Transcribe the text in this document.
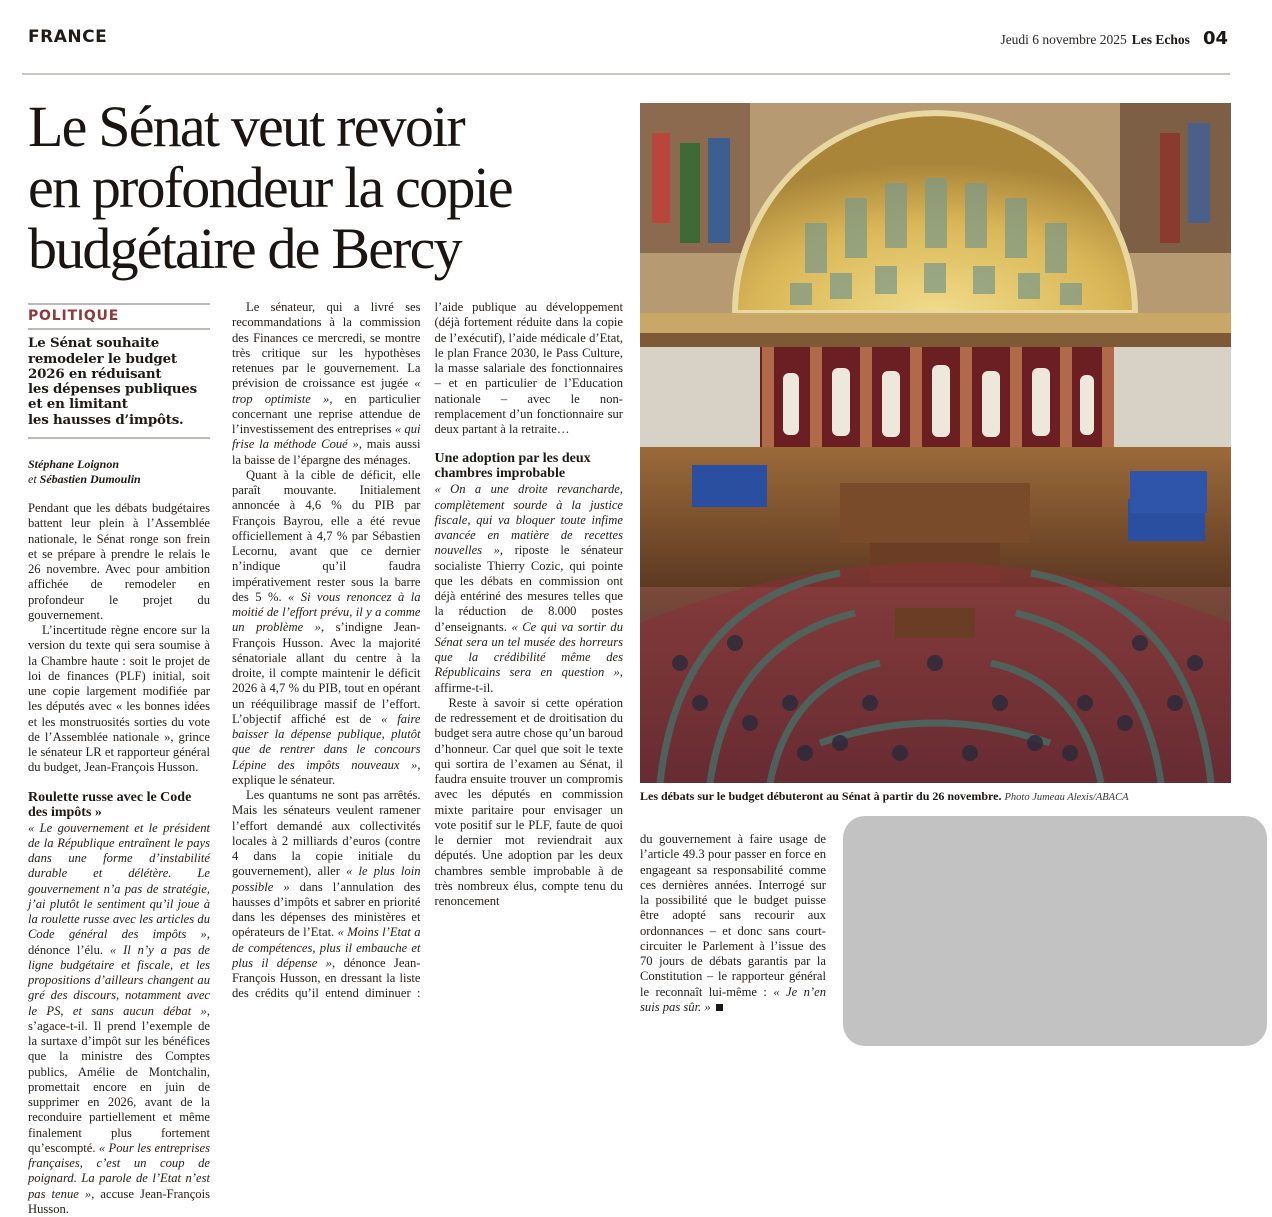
FRANCE	Jeudi 6 novembre 2025 Les Echos 04
Le Sénat veut revoir
en profondeur la copie
budgétaire de Bercy
POLITIQUE
Le Sénat souhaite
remodeler le budget
2026 en réduisant
les dépenses publiques
et en limitant
les hausses d’impôts.
Stéphane Loignon
et Sébastien Dumoulin

Pendant que les débats budgétaires battent leur plein à l’Assemblée nationale, le Sénat ronge son frein et se prépare à prendre le relais le 26 novembre. Avec pour ambition affichée de remodeler en profondeur le projet du gouvernement.

L’incertitude règne encore sur la version du texte qui sera soumise à la Chambre haute : soit le projet de loi de finances (PLF) initial, soit une copie largement modifiée par les députés avec « les bonnes idées et les monstruosités sorties du vote de l’Assemblée nationale », grince le sénateur LR et rapporteur général du budget, Jean-François Husson.

Roulette russe avec le Code des impôts »

« Le gouvernement et le président de la République entraînent le pays dans une forme d’instabilité durable et délétère. Le gouvernement n’a pas de stratégie, j’ai plutôt le sentiment qu’il joue à la roulette russe avec les articles du Code général des impôts », dénonce l’élu. « Il n’y a pas de ligne budgétaire et fiscale, et les propositions d’ailleurs changent au gré des discours, notamment avec le PS, et sans aucun débat », s’agace-t-il. Il prend l’exemple de la surtaxe d’impôt sur les bénéfices que la ministre des Comptes publics, Amélie de Montchalin, promettait encore en juin de supprimer en 2026, avant de la reconduire partiellement et même finalement plus fortement qu’escompté. « Pour les entreprises françaises, c’est un coup de poignard. La parole de l’Etat n’est pas tenue », accuse Jean-François Husson.

Le sénateur, qui a livré ses recommandations à la commission des Finances ce mercredi, se montre très critique sur les hypothèses retenues par le gouvernement. La prévision de croissance est jugée « trop optimiste », en particulier concernant une reprise attendue de l’investissement des entreprises « qui frise la méthode Coué », mais aussi la baisse de l’épargne des ménages.

Quant à la cible de déficit, elle paraît mouvante. Initialement annoncée à 4,6 % du PIB par François Bayrou, elle a été revue officiellement à 4,7 % par Sébastien Lecornu, avant que ce dernier n’indique qu’il faudra impérativement rester sous la barre des 5 %. « Si vous renoncez à la moitié de l’effort prévu, il y a comme un problème », s’indigne Jean-François Husson. Avec la majorité sénatoriale allant du centre à la droite, il compte maintenir le déficit 2026 à 4,7 % du PIB, tout en opérant un rééquilibrage massif de l’effort. L’objectif affiché est de « faire baisser la dépense publique, plutôt que de rentrer dans le concours Lépine des impôts nouveaux », explique le sénateur.

Les quantums ne sont pas arrêtés. Mais les sénateurs veulent ramener l’effort demandé aux collectivités locales à 2 milliards d’euros (contre 4 dans la copie initiale du gouvernement), aller « le plus loin possible » dans l’annulation des hausses d’impôts et sabrer en priorité dans les dépenses des ministères et opérateurs de l’Etat. « Moins l’Etat a de compétences, plus il embauche et plus il dépense », dénonce Jean-François Husson, en dressant la liste des crédits qu’il entend diminuer : l’aide publique au développement (déjà fortement réduite dans la copie de l’exécutif), l’aide médicale d’Etat, le plan France 2030, le Pass Culture, la masse salariale des fonctionnaires – et en particulier de l’Education nationale – avec le non-remplacement d’un fonctionnaire sur deux partant à la retraite…

Une adoption par les deux chambres improbable

« On a une droite revancharde, complètement sourde à la justice fiscale, qui va bloquer toute infime avancée en matière de recettes nouvelles », riposte le sénateur socialiste Thierry Cozic, qui pointe que les débats en commission ont déjà entériné des mesures telles que la réduction de 8.000 postes d’enseignants. « Ce qui va sortir du Sénat sera un tel musée des horreurs que la crédibilité même des Républicains sera en question », affirme-t-il.

Reste à savoir si cette opération de redressement et de droitisation du budget sera autre chose qu’un baroud d’honneur. Car quel que soit le texte qui sortira de l’examen au Sénat, il faudra ensuite trouver un compromis avec les députés en commission mixte paritaire pour envisager un vote positif sur le PLF, faute de quoi le dernier mot reviendrait aux députés. Une adoption par les deux chambres semble improbable à de très nombreux élus, compte tenu du renoncement

Les débats sur le budget débuteront au Sénat à partir du 26 novembre. Photo Jumeau Alexis/ABACA

du gouvernement à faire usage de l’article 49.3 pour passer en force en engageant sa responsabilité comme ces dernières années. Interrogé sur la possibilité que le budget puisse être adopté sans recourir aux ordonnances – et donc sans court-circuiter le Parlement à l’issue des 70 jours de débats garantis par la Constitution – le rapporteur général le reconnaît lui-même : « Je n’en suis pas sûr. »
